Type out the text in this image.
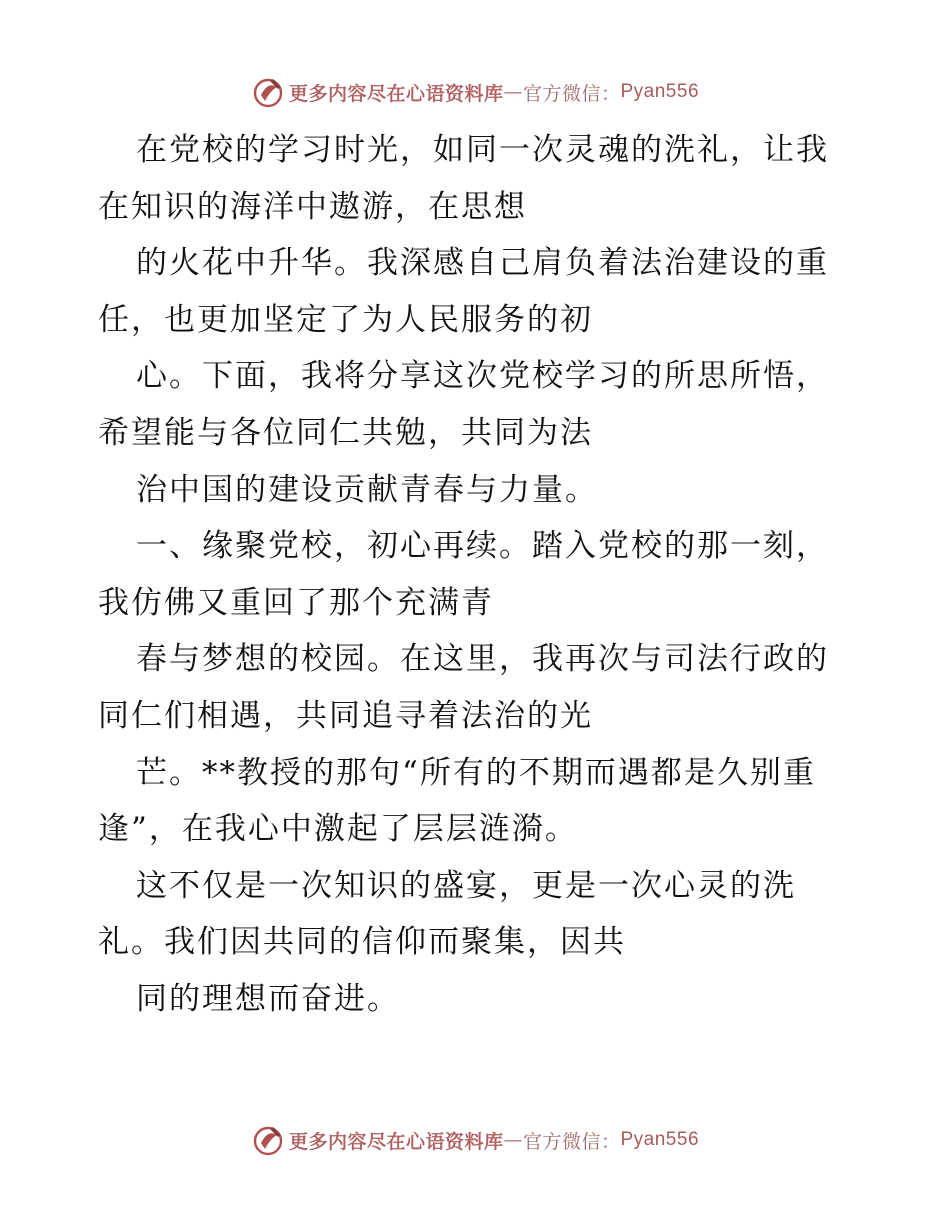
更多内容尽在心语资料库 — 官方微信： Pyan556
在党校的学习时光，如同一次灵魂的洗礼，让我
在知识的海洋中遨游，在思想
的火花中升华。我深感自己肩负着法治建设的重
任，也更加坚定了为人民服务的初
心。下面，我将分享这次党校学习的所思所悟，
希望能与各位同仁共勉，共同为法
治中国的建设贡献青春与力量。
一、缘聚党校，初心再续。踏入党校的那一刻，
我仿佛又重回了那个充满青
春与梦想的校园。在这里，我再次与司法行政的
同仁们相遇，共同追寻着法治的光
芒。**教授的那句“所有的不期而遇都是久别重
逢”，在我心中激起了层层涟漪。
这不仅是一次知识的盛宴，更是一次心灵的洗
礼。我们因共同的信仰而聚集，因共
同的理想而奋进。
更多内容尽在心语资料库 — 官方微信： Pyan556
